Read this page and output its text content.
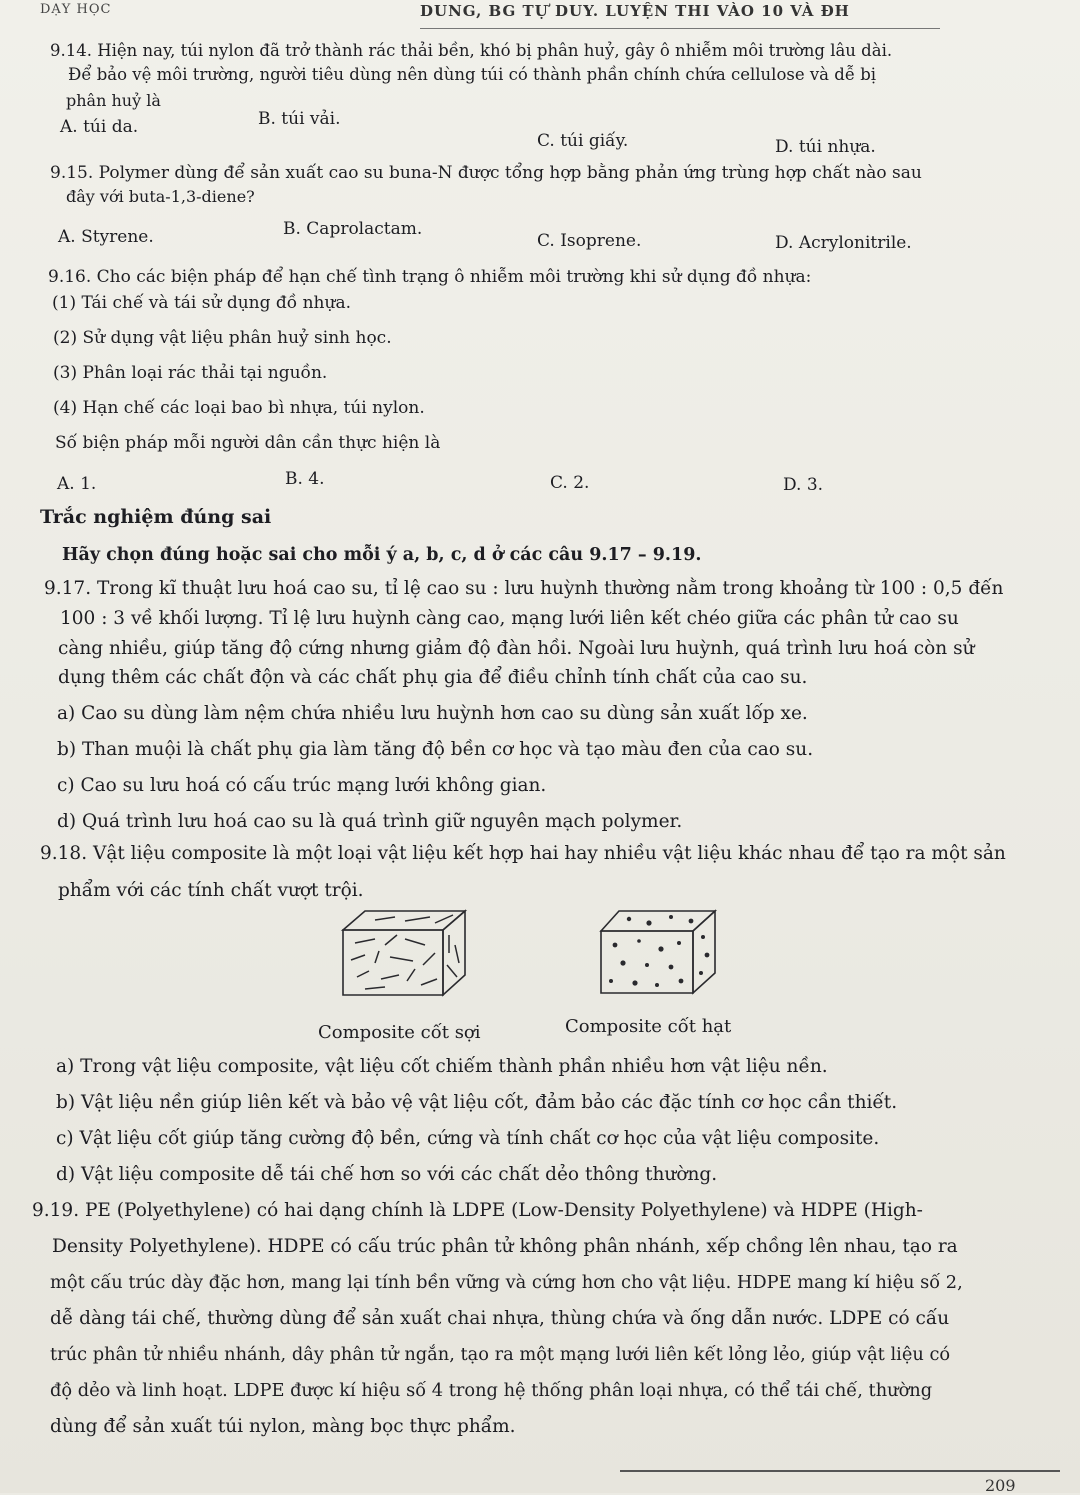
DẠY HỌC	DUNG, BG TỰ DUY. LUYỆN THI VÀO 10 VÀ ĐH
9.14. Hiện nay, túi nylon đã trở thành rác thải bền, khó bị phân huỷ, gây ô nhiễm môi trường lâu dài.
Để bảo vệ môi trường, người tiêu dùng nên dùng túi có thành phần chính chứa cellulose và dễ bị
phân huỷ là
A. túi da.	B. túi vải.
C. túi giấy.	D. túi nhựa.
9.15. Polymer dùng để sản xuất cao su buna-N được tổng hợp bằng phản ứng trùng hợp chất nào sau
đây với buta-1,3-diene?
A. Styrene.	B. Caprolactam.
C. Isoprene.	D. Acrylonitrile.
9.16. Cho các biện pháp để hạn chế tình trạng ô nhiễm môi trường khi sử dụng đồ nhựa:
(1) Tái chế và tái sử dụng đồ nhựa.
(2) Sử dụng vật liệu phân huỷ sinh học.
(3) Phân loại rác thải tại nguồn.
(4) Hạn chế các loại bao bì nhựa, túi nylon.
Số biện pháp mỗi người dân cần thực hiện là
A. 1.	B. 4.	C. 2.	D. 3.
Trắc nghiệm đúng sai
Hãy chọn đúng hoặc sai cho mỗi ý a, b, c, d ở các câu 9.17 – 9.19.
9.17. Trong kĩ thuật lưu hoá cao su, tỉ lệ cao su : lưu huỳnh thường nằm trong khoảng từ 100 : 0,5 đến
100 : 3 về khối lượng. Tỉ lệ lưu huỳnh càng cao, mạng lưới liên kết chéo giữa các phân tử cao su
càng nhiều, giúp tăng độ cứng nhưng giảm độ đàn hồi. Ngoài lưu huỳnh, quá trình lưu hoá còn sử
dụng thêm các chất độn và các chất phụ gia để điều chỉnh tính chất của cao su.
a) Cao su dùng làm nệm chứa nhiều lưu huỳnh hơn cao su dùng sản xuất lốp xe.
b) Than muội là chất phụ gia làm tăng độ bền cơ học và tạo màu đen của cao su.
c) Cao su lưu hoá có cấu trúc mạng lưới không gian.
d) Quá trình lưu hoá cao su là quá trình giữ nguyên mạch polymer.
9.18. Vật liệu composite là một loại vật liệu kết hợp hai hay nhiều vật liệu khác nhau để tạo ra một sản
phẩm với các tính chất vượt trội.
Composite cốt sợi	Composite cốt hạt
a) Trong vật liệu composite, vật liệu cốt chiếm thành phần nhiều hơn vật liệu nền.
b) Vật liệu nền giúp liên kết và bảo vệ vật liệu cốt, đảm bảo các đặc tính cơ học cần thiết.
c) Vật liệu cốt giúp tăng cường độ bền, cứng và tính chất cơ học của vật liệu composite.
d) Vật liệu composite dễ tái chế hơn so với các chất dẻo thông thường.
9.19. PE (Polyethylene) có hai dạng chính là LDPE (Low-Density Polyethylene) và HDPE (High-
Density Polyethylene). HDPE có cấu trúc phân tử không phân nhánh, xếp chồng lên nhau, tạo ra
một cấu trúc dày đặc hơn, mang lại tính bền vững và cứng hơn cho vật liệu. HDPE mang kí hiệu số 2,
dễ dàng tái chế, thường dùng để sản xuất chai nhựa, thùng chứa và ống dẫn nước. LDPE có cấu
trúc phân tử nhiều nhánh, dây phân tử ngắn, tạo ra một mạng lưới liên kết lỏng lẻo, giúp vật liệu có
độ dẻo và linh hoạt. LDPE được kí hiệu số 4 trong hệ thống phân loại nhựa, có thể tái chế, thường
dùng để sản xuất túi nylon, màng bọc thực phẩm.
209
